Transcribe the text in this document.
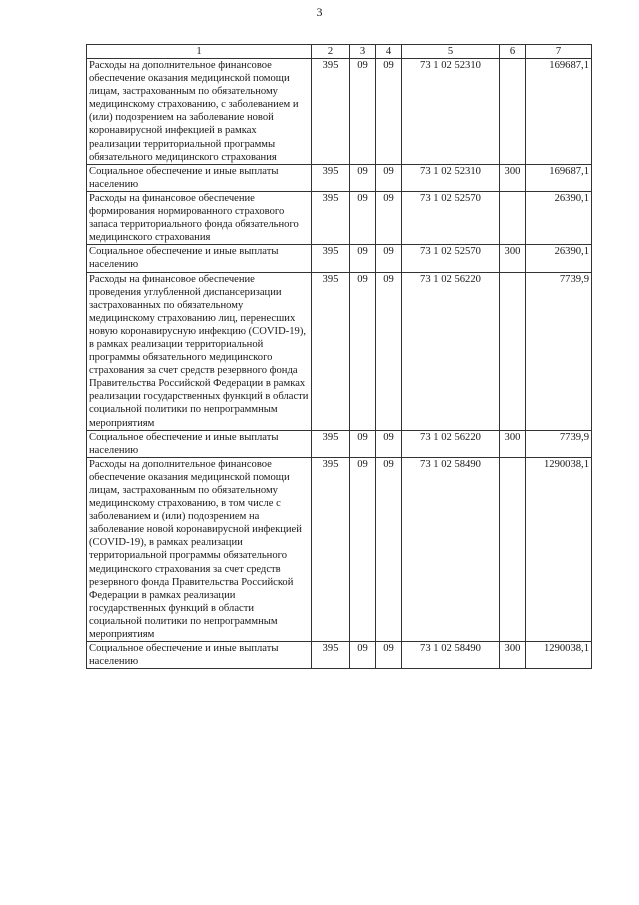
3
1	2	3	4	5	6	7
Расходы на дополнительное финансовое обеспечение оказания медицинской помощи лицам, застрахованным по обязательному медицинскому страхованию, с заболеванием и (или) подозрением на заболевание новой коронавирусной инфекцией в рамках реализации территориальной программы обязательного медицинского страхования	395	09	09	73 1 02 52310		169687,1
Социальное обеспечение и иные выплаты населению	395	09	09	73 1 02 52310	300	169687,1
Расходы на финансовое обеспечение формирования нормированного страхового запаса территориального фонда обязательного медицинского страхования	395	09	09	73 1 02 52570		26390,1
Социальное обеспечение и иные выплаты населению	395	09	09	73 1 02 52570	300	26390,1
Расходы на финансовое обеспечение проведения углубленной диспансеризации застрахованных по обязательному медицинскому страхованию лиц, перенесших новую коронавирусную инфекцию (COVID-19), в рамках реализации территориальной программы обязательного медицинского страхования за счет средств резервного фонда Правительства Российской Федерации в рамках реализации государственных функций в области социальной политики по непрограммным мероприятиям	395	09	09	73 1 02 56220		7739,9
Социальное обеспечение и иные выплаты населению	395	09	09	73 1 02 56220	300	7739,9
Расходы на дополнительное финансовое обеспечение оказания медицинской помощи лицам, застрахованным по обязательному медицинскому страхованию, в том числе с заболеванием и (или) подозрением на заболевание новой коронавирусной инфекцией (COVID-19), в рамках реализации территориальной программы обязательного медицинского страхования за счет средств резервного фонда Правительства Российской Федерации в рамках реализации государственных функций в области социальной политики по непрограммным мероприятиям	395	09	09	73 1 02 58490		1290038,1
Социальное обеспечение и иные выплаты населению	395	09	09	73 1 02 58490	300	1290038,1
